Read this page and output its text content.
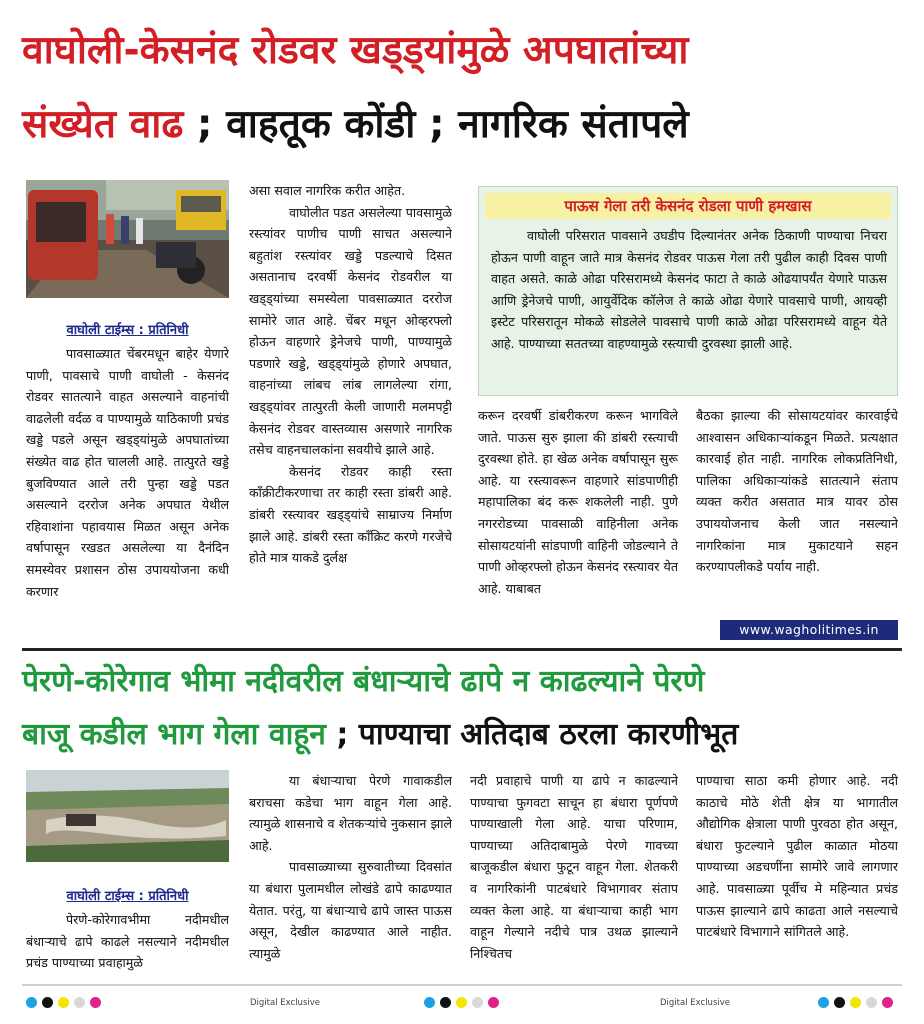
वाघोली-केसनंद रोडवर खड्ड्यांमुळे अपघातांच्या
संख्येत वाढ ; वाहतूक कोंडी ; नागरिक संतापले
वाघोली टाईम्स : प्रतिनिधी

पावसाळ्यात चेंबरमधून बाहेर येणारे पाणी, पावसाचे पाणी वाघोली - केसनंद रोडवर सातत्याने वाहत असल्याने वाहनांची वाढलेली वर्दळ व पाण्यामुळे याठिकाणी प्रचंड खड्डे पडले असून खड्ड्यांमुळे अपघातांच्या संख्येत वाढ होत चालली आहे. तात्पुरते खड्डे बुजविण्यात आले तरी पुन्हा खड्डे पडत असल्याने दररोज अनेक अपघात येथील रहिवाशांना पहावयास मिळत असून अनेक वर्षापासून रखडत असलेल्या या दैनंदिन समस्येवर प्रशासन ठोस उपाययोजना कधी करणार

असा सवाल नागरिक करीत आहेत.

वाघोलीत पडत असलेल्या पावसामुळे रस्त्यांवर पाणीच पाणी साचत असल्याने बहुतांश रस्त्यांवर खड्डे पडल्याचे दिसत असतानाच दरवर्षी केसनंद रोडवरील या खड्ड्यांच्या समस्येला पावसाळ्यात दररोज सामोरे जात आहे. चेंबर मधून ओव्हरफ्लो होऊन वाहणारे ड्रेनेजचे पाणी, पाण्यामुळे पडणारे खड्डे, खड्ड्यांमुळे होणारे अपघात, वाहनांच्या लांबच लांब लागलेल्या रांगा, खड्ड्यांवर तात्पुरती केली जाणारी मलमपट्टी केसनंद रोडवर वास्तव्यास असणारे नागरिक तसेच वाहनचालकांना सवयीचे झाले आहे.

केसनंद रोडवर काही रस्ता काँक्रीटीकरणाचा तर काही रस्ता डांबरी आहे. डांबरी रस्त्यावर खड्ड्यांचे साम्राज्य निर्माण झाले आहे. डांबरी रस्ता काँक्रिट करणे गरजेचे होते मात्र याकडे दुर्लक्ष

पाऊस गेला तरी केसनंद रोडला पाणी हमखास
वाघोली परिसरात पावसाने उघडीप दिल्यानंतर अनेक ठिकाणी पाण्याचा निचरा होऊन पाणी वाहून जाते मात्र केसनंद रोडवर पाऊस गेला तरी पुढील काही दिवस पाणी वाहत असते. काळे ओढा परिसरामध्ये केसनंद फाटा ते काळे ओढयापर्यंत येणारे पाऊस आणि ड्रेनेजचे पाणी, आयुर्वेदिक कॉलेज ते काळे ओढा येणारे पावसाचे पाणी, आयव्ही इस्टेट परिसरातून मोकळे सोडलेले पावसाचे पाणी काळे ओढा परिसरामध्ये वाहून येते आहे. पाण्याच्या सततच्या वाहण्यामुळे रस्त्याची दुरवस्था झाली आहे.

करून दरवर्षी डांबरीकरण करून भागविले जाते. पाऊस सुरु झाला की डांबरी रस्त्याची दुरवस्था होते. हा खेळ अनेक वर्षापासून सुरू आहे. या रस्त्यावरून वाहणारे सांडपाणीही महापालिका बंद करू शकलेली नाही. पुणे नगररोडच्या पावसाळी वाहिनीला अनेक सोसायटयांनी सांडपाणी वाहिनी जोडल्याने ते पाणी ओव्हरफ्लो होऊन केसनंद रस्त्यावर येत आहे. याबाबत

बैठका झाल्या की सोसायटयांवर कारवाईचे आश्वासन अधिकाऱ्यांकडून मिळते. प्रत्यक्षात कारवाई होत नाही. नागरिक लोकप्रतिनिधी, पालिका अधिकाऱ्यांकडे सातत्याने संताप व्यक्त करीत असतात मात्र यावर ठोस उपाययोजनाच केली जात नसल्याने नागरिकांना मात्र मुकाटयाने सहन करण्यापलीकडे पर्याय नाही.

www.wagholitimes.in
पेरणे-कोरेगाव भीमा नदीवरील बंधाऱ्याचे ढापे न काढल्याने पेरणे
बाजू कडील भाग गेला वाहून ; पाण्याचा अतिदाब ठरला कारणीभूत
वाघोली टाईम्स : प्रतिनिधी

पेरणे-कोरेगावभीमा नदीमधील बंधाऱ्याचे ढापे काढले नसल्याने नदीमधील प्रचंड पाण्याच्या प्रवाहामुळे

या बंधाऱ्याचा पेरणे गावाकडील बराचसा कडेचा भाग वाहून गेला आहे. त्यामुळे शासनाचे व शेतकऱ्यांचे नुकसान झाले आहे.

पावसाळ्याच्या सुरुवातीच्या दिवसांत या बंधारा पुलामधील लोखंडे ढापे काढण्यात येतात. परंतु, या बंधाऱ्याचे ढापे जास्त पाऊस असून, देखील काढण्यात आले नाहीत. त्यामुळे

नदी प्रवाहाचे पाणी या ढापे न काढल्याने पाण्याचा फुगवटा साचून हा बंधारा पूर्णपणे पाण्याखाली गेला आहे. याचा परिणाम, पाण्याच्या अतिदाबामुळे पेरणे गावच्या बाजूकडील बंधारा फुटून वाहून गेला. शेतकरी व नागरिकांनी पाटबंधारे विभागावर संताप व्यक्त केला आहे. या बंधाऱ्याचा काही भाग वाहून गेल्याने नदीचे पात्र उथळ झाल्याने निश्चितच

पाण्याचा साठा कमी होणार आहे. नदी काठाचे मोठे शेती क्षेत्र या भागातील औद्योगिक क्षेत्राला पाणी पुरवठा होत असून, बंधारा फुटल्याने पुढील काळात मोठया पाण्याच्या अडचणींना सामोरे जावे लागणार आहे. पावसाळ्या पूर्वीच मे महिन्यात प्रचंड पाऊस झाल्याने ढापे काढता आले नसल्याचे पाटबंधारे विभागाने सांगितले आहे.

Digital Exclusive	Digital Exclusive
